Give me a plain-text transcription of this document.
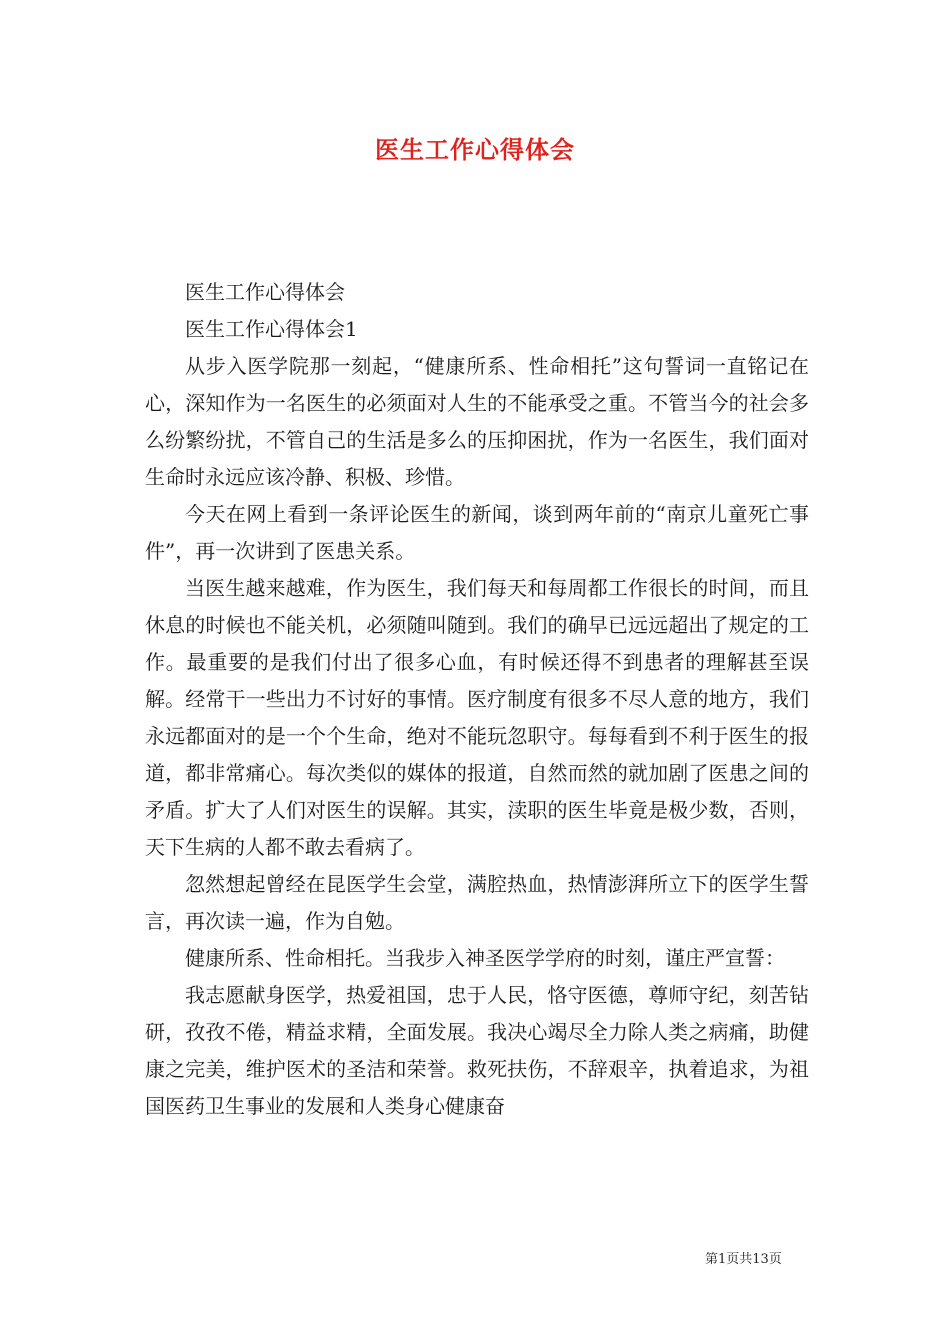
医生工作心得体会

医生工作心得体会

医生工作心得体会1

从步入医学院那一刻起，“健康所系、性命相托”这句誓词一直铭记在心，深知作为一名医生的必须面对人生的不能承受之重。不管当今的社会多么纷繁纷扰，不管自己的生活是多么的压抑困扰，作为一名医生，我们面对生命时永远应该冷静、积极、珍惜。

今天在网上看到一条评论医生的新闻，谈到两年前的“南京儿童死亡事件”，再一次讲到了医患关系。

当医生越来越难，作为医生，我们每天和每周都工作很长的时间，而且休息的时候也不能关机，必须随叫随到。我们的确早已远远超出了规定的工作。最重要的是我们付出了很多心血，有时候还得不到患者的理解甚至误解。经常干一些出力不讨好的事情。医疗制度有很多不尽人意的地方，我们永远都面对的是一个个生命，绝对不能玩忽职守。每每看到不利于医生的报道，都非常痛心。每次类似的媒体的报道，自然而然的就加剧了医患之间的矛盾。扩大了人们对医生的误解。其实，渎职的医生毕竟是极少数，否则，天下生病的人都不敢去看病了。

忽然想起曾经在昆医学生会堂，满腔热血，热情澎湃所立下的医学生誓言，再次读一遍，作为自勉。

健康所系、性命相托。当我步入神圣医学学府的时刻，谨庄严宣誓：

我志愿献身医学，热爱祖国，忠于人民，恪守医德，尊师守纪，刻苦钻研，孜孜不倦，精益求精，全面发展。我决心竭尽全力除人类之病痛，助健康之完美，维护医术的圣洁和荣誉。救死扶伤，不辞艰辛，执着追求，为祖国医药卫生事业的发展和人类身心健康奋

第1页共13页
